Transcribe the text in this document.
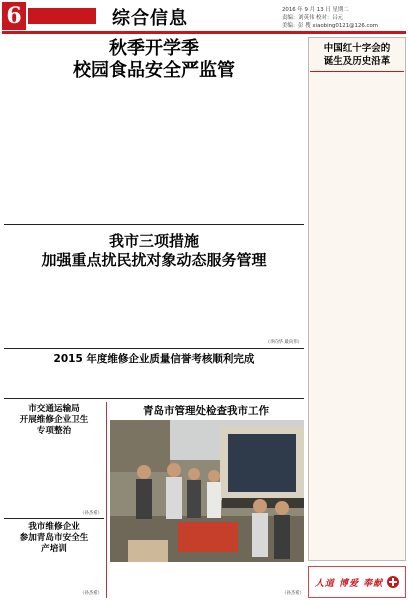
6	综合信息	2016 年 9 月 13 日 星期二
责编：刘英伟 校对：吕元
美编：彭 搜 xiaobing0121@126.com
秋季开学季
校园食品安全严监管
我市三项措施
加强重点扰民扰对象动态服务管理
（李向华 最向伟）
2015 年度维修企业质量信誉考核顺利完成
市交通运输局
开展维修企业卫生
专项整治
（孙杰希）
我市维修企业
参加青岛市安全生
产培训
（孙杰希）
青岛市管理处检查我市工作
（孙杰希）
中国红十字会的
诞生及历史沿革
人道 博爱 奉献
